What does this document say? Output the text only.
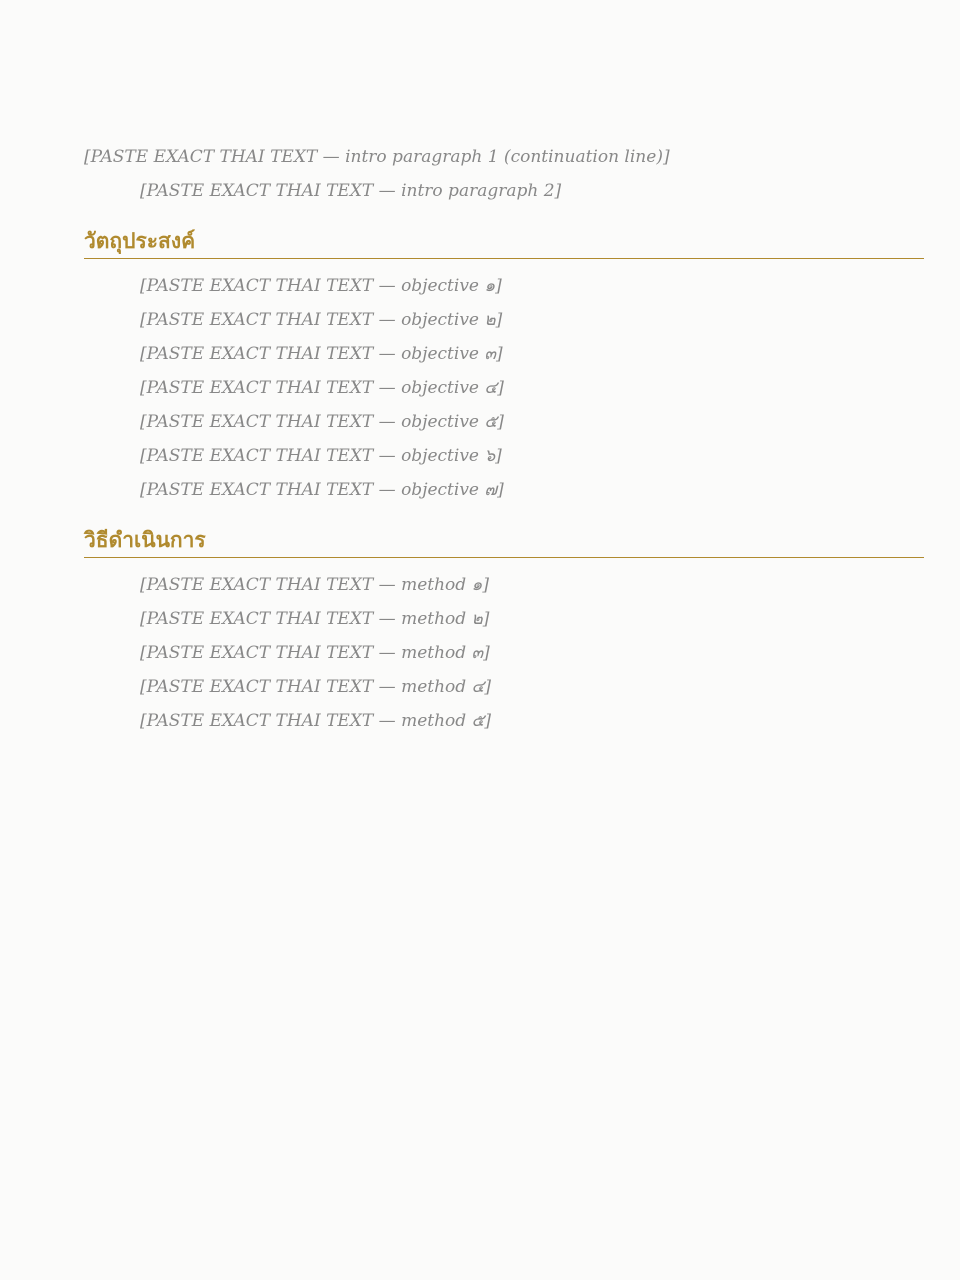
[PASTE EXACT THAI TEXT — intro paragraph 1 (continuation line)]

[PASTE EXACT THAI TEXT — intro paragraph 2]

วัตถุประสงค์

[PASTE EXACT THAI TEXT — objective ๑]

[PASTE EXACT THAI TEXT — objective ๒]

[PASTE EXACT THAI TEXT — objective ๓]

[PASTE EXACT THAI TEXT — objective ๔]

[PASTE EXACT THAI TEXT — objective ๕]

[PASTE EXACT THAI TEXT — objective ๖]

[PASTE EXACT THAI TEXT — objective ๗]

วิธีดำเนินการ

[PASTE EXACT THAI TEXT — method ๑]

[PASTE EXACT THAI TEXT — method ๒]

[PASTE EXACT THAI TEXT — method ๓]

[PASTE EXACT THAI TEXT — method ๔]

[PASTE EXACT THAI TEXT — method ๕]
